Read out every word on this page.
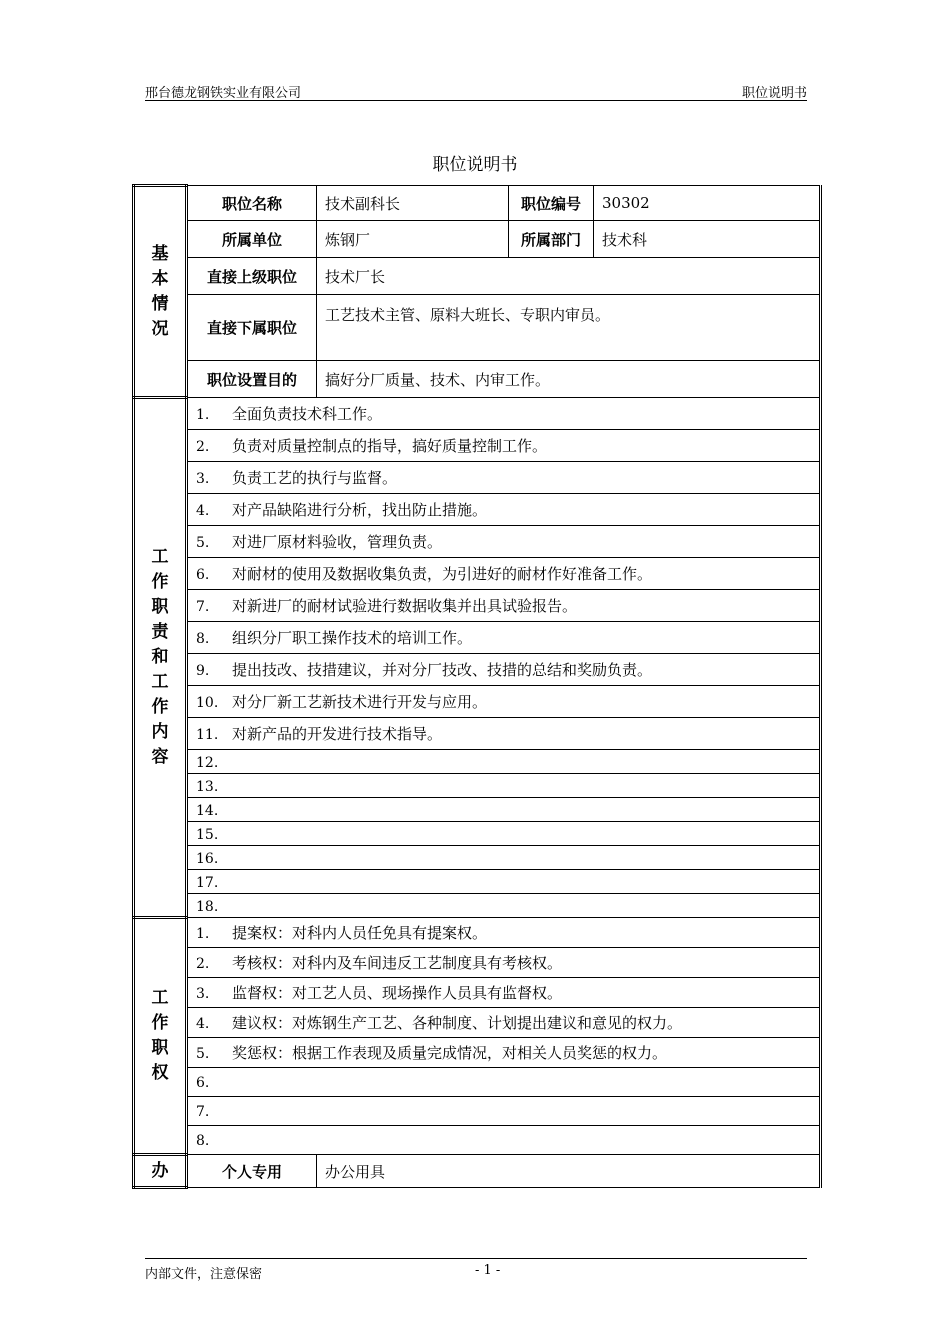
邢台德龙钢铁实业有限公司	职位说明书
职位说明书
基本情况	职位名称	技术副科长	职位编号	30302
	所属单位	炼钢厂	所属部门	技术科
	直接上级职位	技术厂长		
	直接下属职位	工艺技术主管、原料大班长、专职内审员。		
	职位设置目的	搞好分厂质量、技术、内审工作。		

工作职责和工作内容	1. 全面负责技术科工作。			
	2. 负责对质量控制点的指导，搞好质量控制工作。			
	3. 负责工艺的执行与监督。			
	4. 对产品缺陷进行分析，找出防止措施。			
	5. 对进厂原材料验收，管理负责。			
	6. 对耐材的使用及数据收集负责，为引进好的耐材作好准备工作。			
	7. 对新进厂的耐材试验进行数据收集并出具试验报告。			
	8. 组织分厂职工操作技术的培训工作。			
	9. 提出技改、技措建议，并对分厂技改、技措的总结和奖励负责。			
	10. 对分厂新工艺新技术进行开发与应用。			
	11. 对新产品的开发进行技术指导。			
	12.			
	13.			
	14.			
	15.			
	16.			
	17.			
	18.			

工作职权	1. 提案权：对科内人员任免具有提案权。			
	2. 考核权：对科内及车间违反工艺制度具有考核权。			
	3. 监督权：对工艺人员、现场操作人员具有监督权。			
	4. 建议权：对炼钢生产工艺、各种制度、计划提出建议和意见的权力。			
	5. 奖惩权：根据工作表现及质量完成情况，对相关人员奖惩的权力。			
	6.			
	7.			
	8.			
办	个人专用	办公用具		
内部文件，注意保密	- 1 -
